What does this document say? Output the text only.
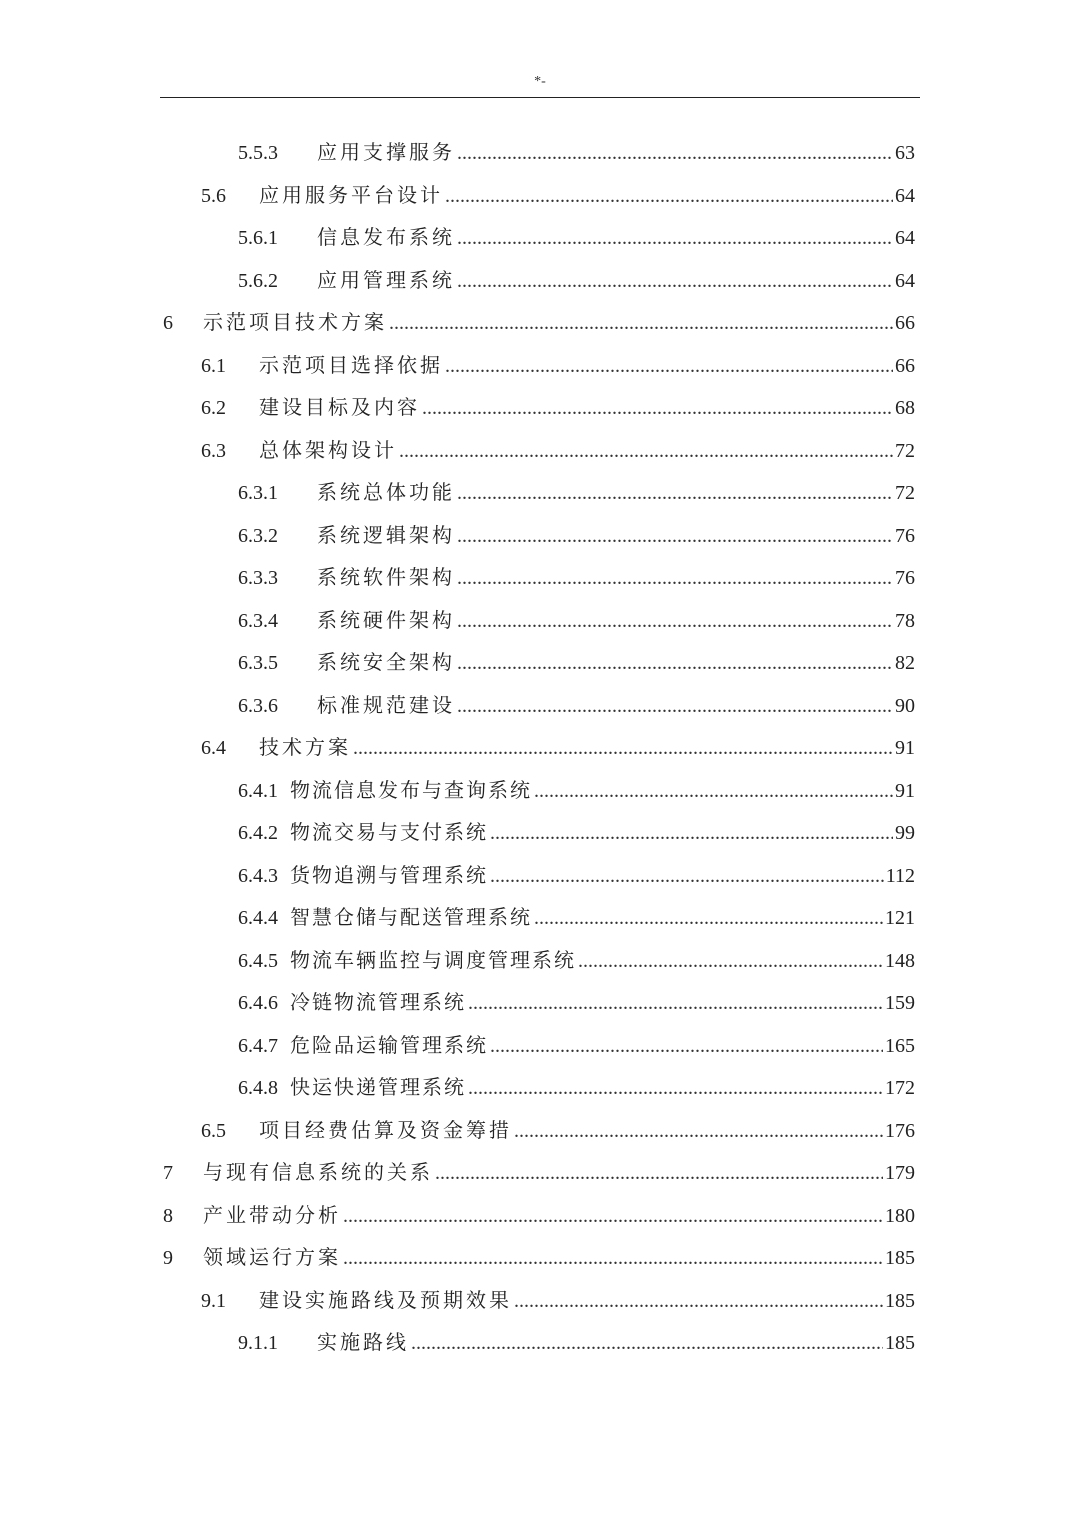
*-
5.5.3	应用支撑服务 .....	63
5.6	应用服务平台设计 .....	64
5.6.1	信息发布系统 .....	64
5.6.2	应用管理系统 .....	64
6	示范项目技术方案 .....	66
6.1	示范项目选择依据 .....	66
6.2	建设目标及内容 .....	68
6.3	总体架构设计 .....	72
6.3.1	系统总体功能 .....	72
6.3.2	系统逻辑架构 .....	76
6.3.3	系统软件架构 .....	76
6.3.4	系统硬件架构 .....	78
6.3.5	系统安全架构 .....	82
6.3.6	标准规范建设 .....	90
6.4	技术方案 .....	91
6.4.1 物流信息发布与查询系统 .....	91
6.4.2 物流交易与支付系统 .....	99
6.4.3 货物追溯与管理系统 .....	112
6.4.4 智慧仓储与配送管理系统 .....	121
6.4.5 物流车辆监控与调度管理系统 .....	148
6.4.6 冷链物流管理系统 .....	159
6.4.7 危险品运输管理系统 .....	165
6.4.8 快运快递管理系统 .....	172
6.5	项目经费估算及资金筹措 .....	176
7	与现有信息系统的关系 .....	179
8	产业带动分析 .....	180
9	领域运行方案 .....	185
9.1	建设实施路线及预期效果 .....	185
9.1.1	实施路线 .....	185
